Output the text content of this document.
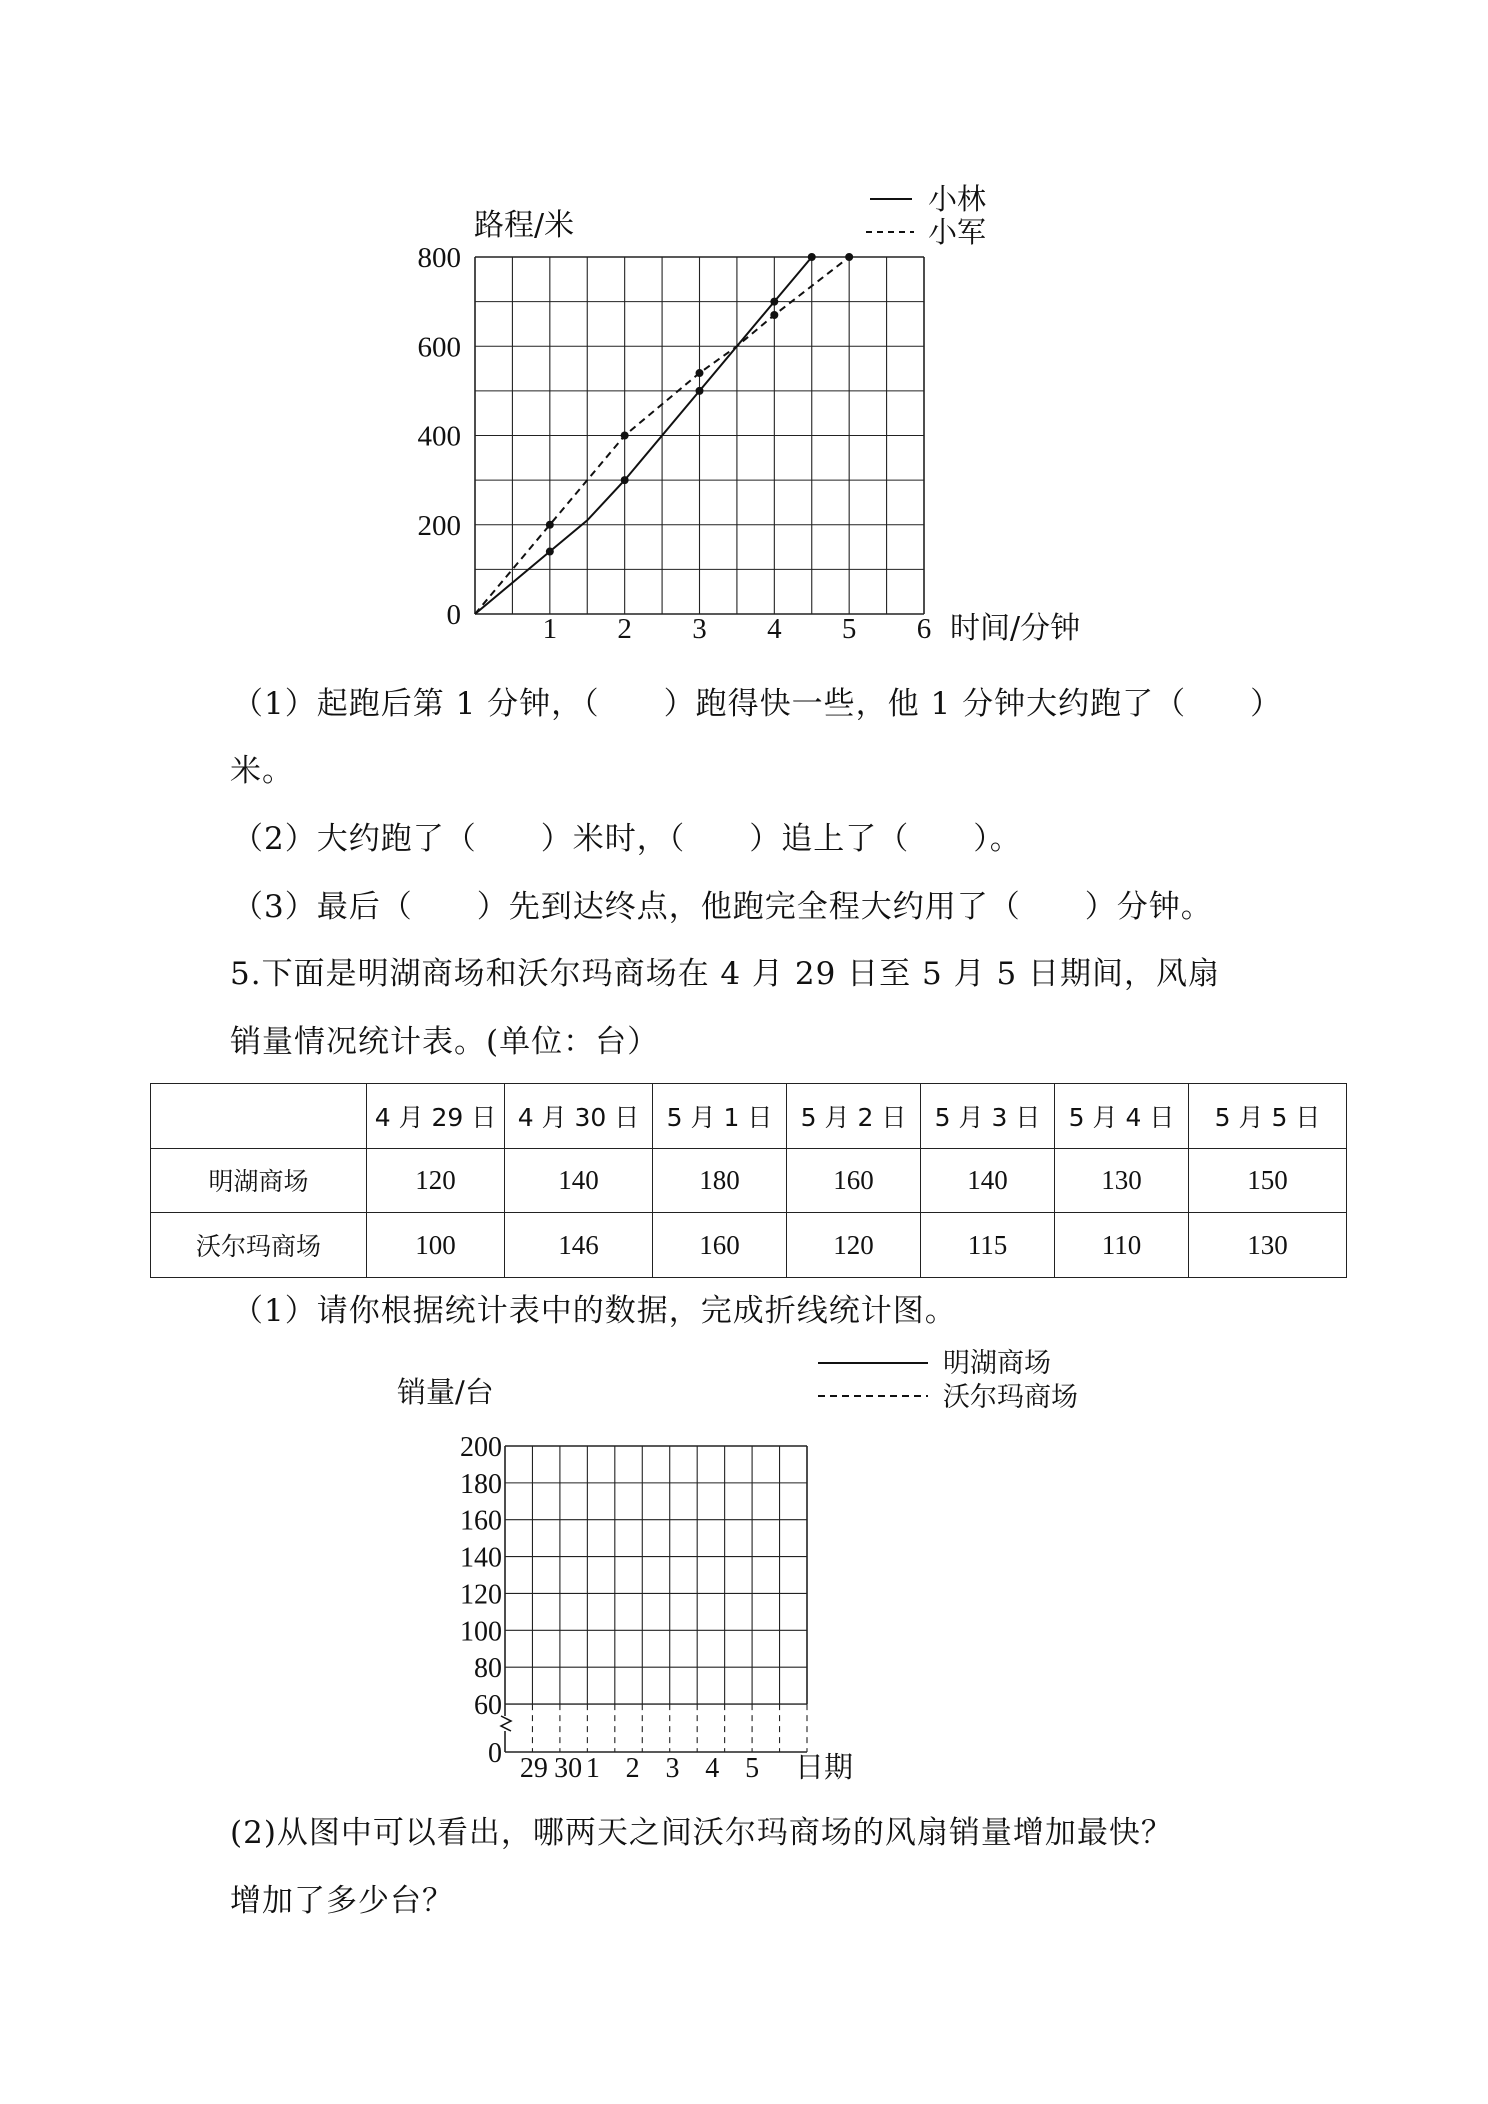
0
200
400
600
800
1 2 3 4 5 6
路程/米
时间/分钟
小林
小军
（1）起跑后第 1 分钟，（　　）跑得快一些，他 1 分钟大约跑了（　　）
米。
（2）大约跑了（　　）米时，（　　）追上了（　　）。
（3）最后（　　）先到达终点，他跑完全程大约用了（　　）分钟。
5.下面是明湖商场和沃尔玛商场在 4 月 29 日至 5 月 5 日期间，风扇
销量情况统计表。(单位：台）
	4 月 29 日	4 月 30 日	5 月 1 日	5 月 2 日	5 月 3 日	5 月 4 日	5 月 5 日
明湖商场	120	140	180	160	140	130	150
沃尔玛商场	100	146	160	120	115	110	130
（1）请你根据统计表中的数据，完成折线统计图。
60
80
100
120
140
160
180
200
0 29 30 1 2 3 4 5
销量/台
日期
明湖商场
沃尔玛商场
(2)从图中可以看出，哪两天之间沃尔玛商场的风扇销量增加最快？
增加了多少台？
